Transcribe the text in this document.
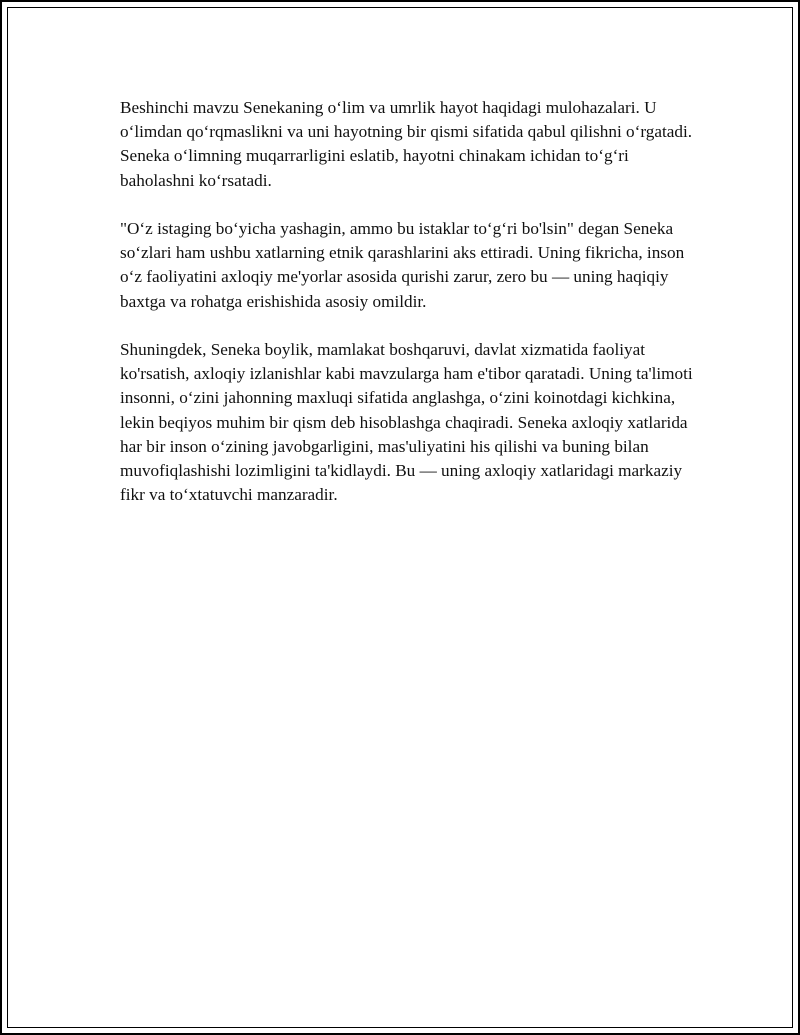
Beshinchi mavzu Senekaning oʻlim va umrlik hayot haqidagi mulohazalari. U oʻlimdan qoʻrqmaslikni va uni hayotning bir qismi sifatida qabul qilishni oʻrgatadi. Seneka oʻlimning muqarrarligini eslatib, hayotni chinakam ichidan toʻgʻri baholashni koʻrsatadi.

"Oʻz istaging boʻyicha yashagin, ammo bu istaklar toʻgʻri bo'lsin" degan Seneka soʻzlari ham ushbu xatlarning etnik qarashlarini aks ettiradi. Uning fikricha, inson oʻz faoliyatini axloqiy me'yorlar asosida qurishi zarur, zero bu — uning haqiqiy baxtga va rohatga erishishida asosiy omildir.

Shuningdek, Seneka boylik, mamlakat boshqaruvi, davlat xizmatida faoliyat ko'rsatish, axloqiy izlanishlar kabi mavzularga ham e'tibor qaratadi. Uning ta'limoti insonni, oʻzini jahonning maxluqi sifatida anglashga, oʻzini koinotdagi kichkina, lekin beqiyos muhim bir qism deb hisoblashga chaqiradi. Seneka axloqiy xatlarida har bir inson oʻzining javobgarligini, mas'uliyatini his qilishi va buning bilan muvofiqlashishi lozimligini ta'kidlaydi. Bu — uning axloqiy xatlaridagi markaziy fikr va toʻxtatuvchi manzaradir.
